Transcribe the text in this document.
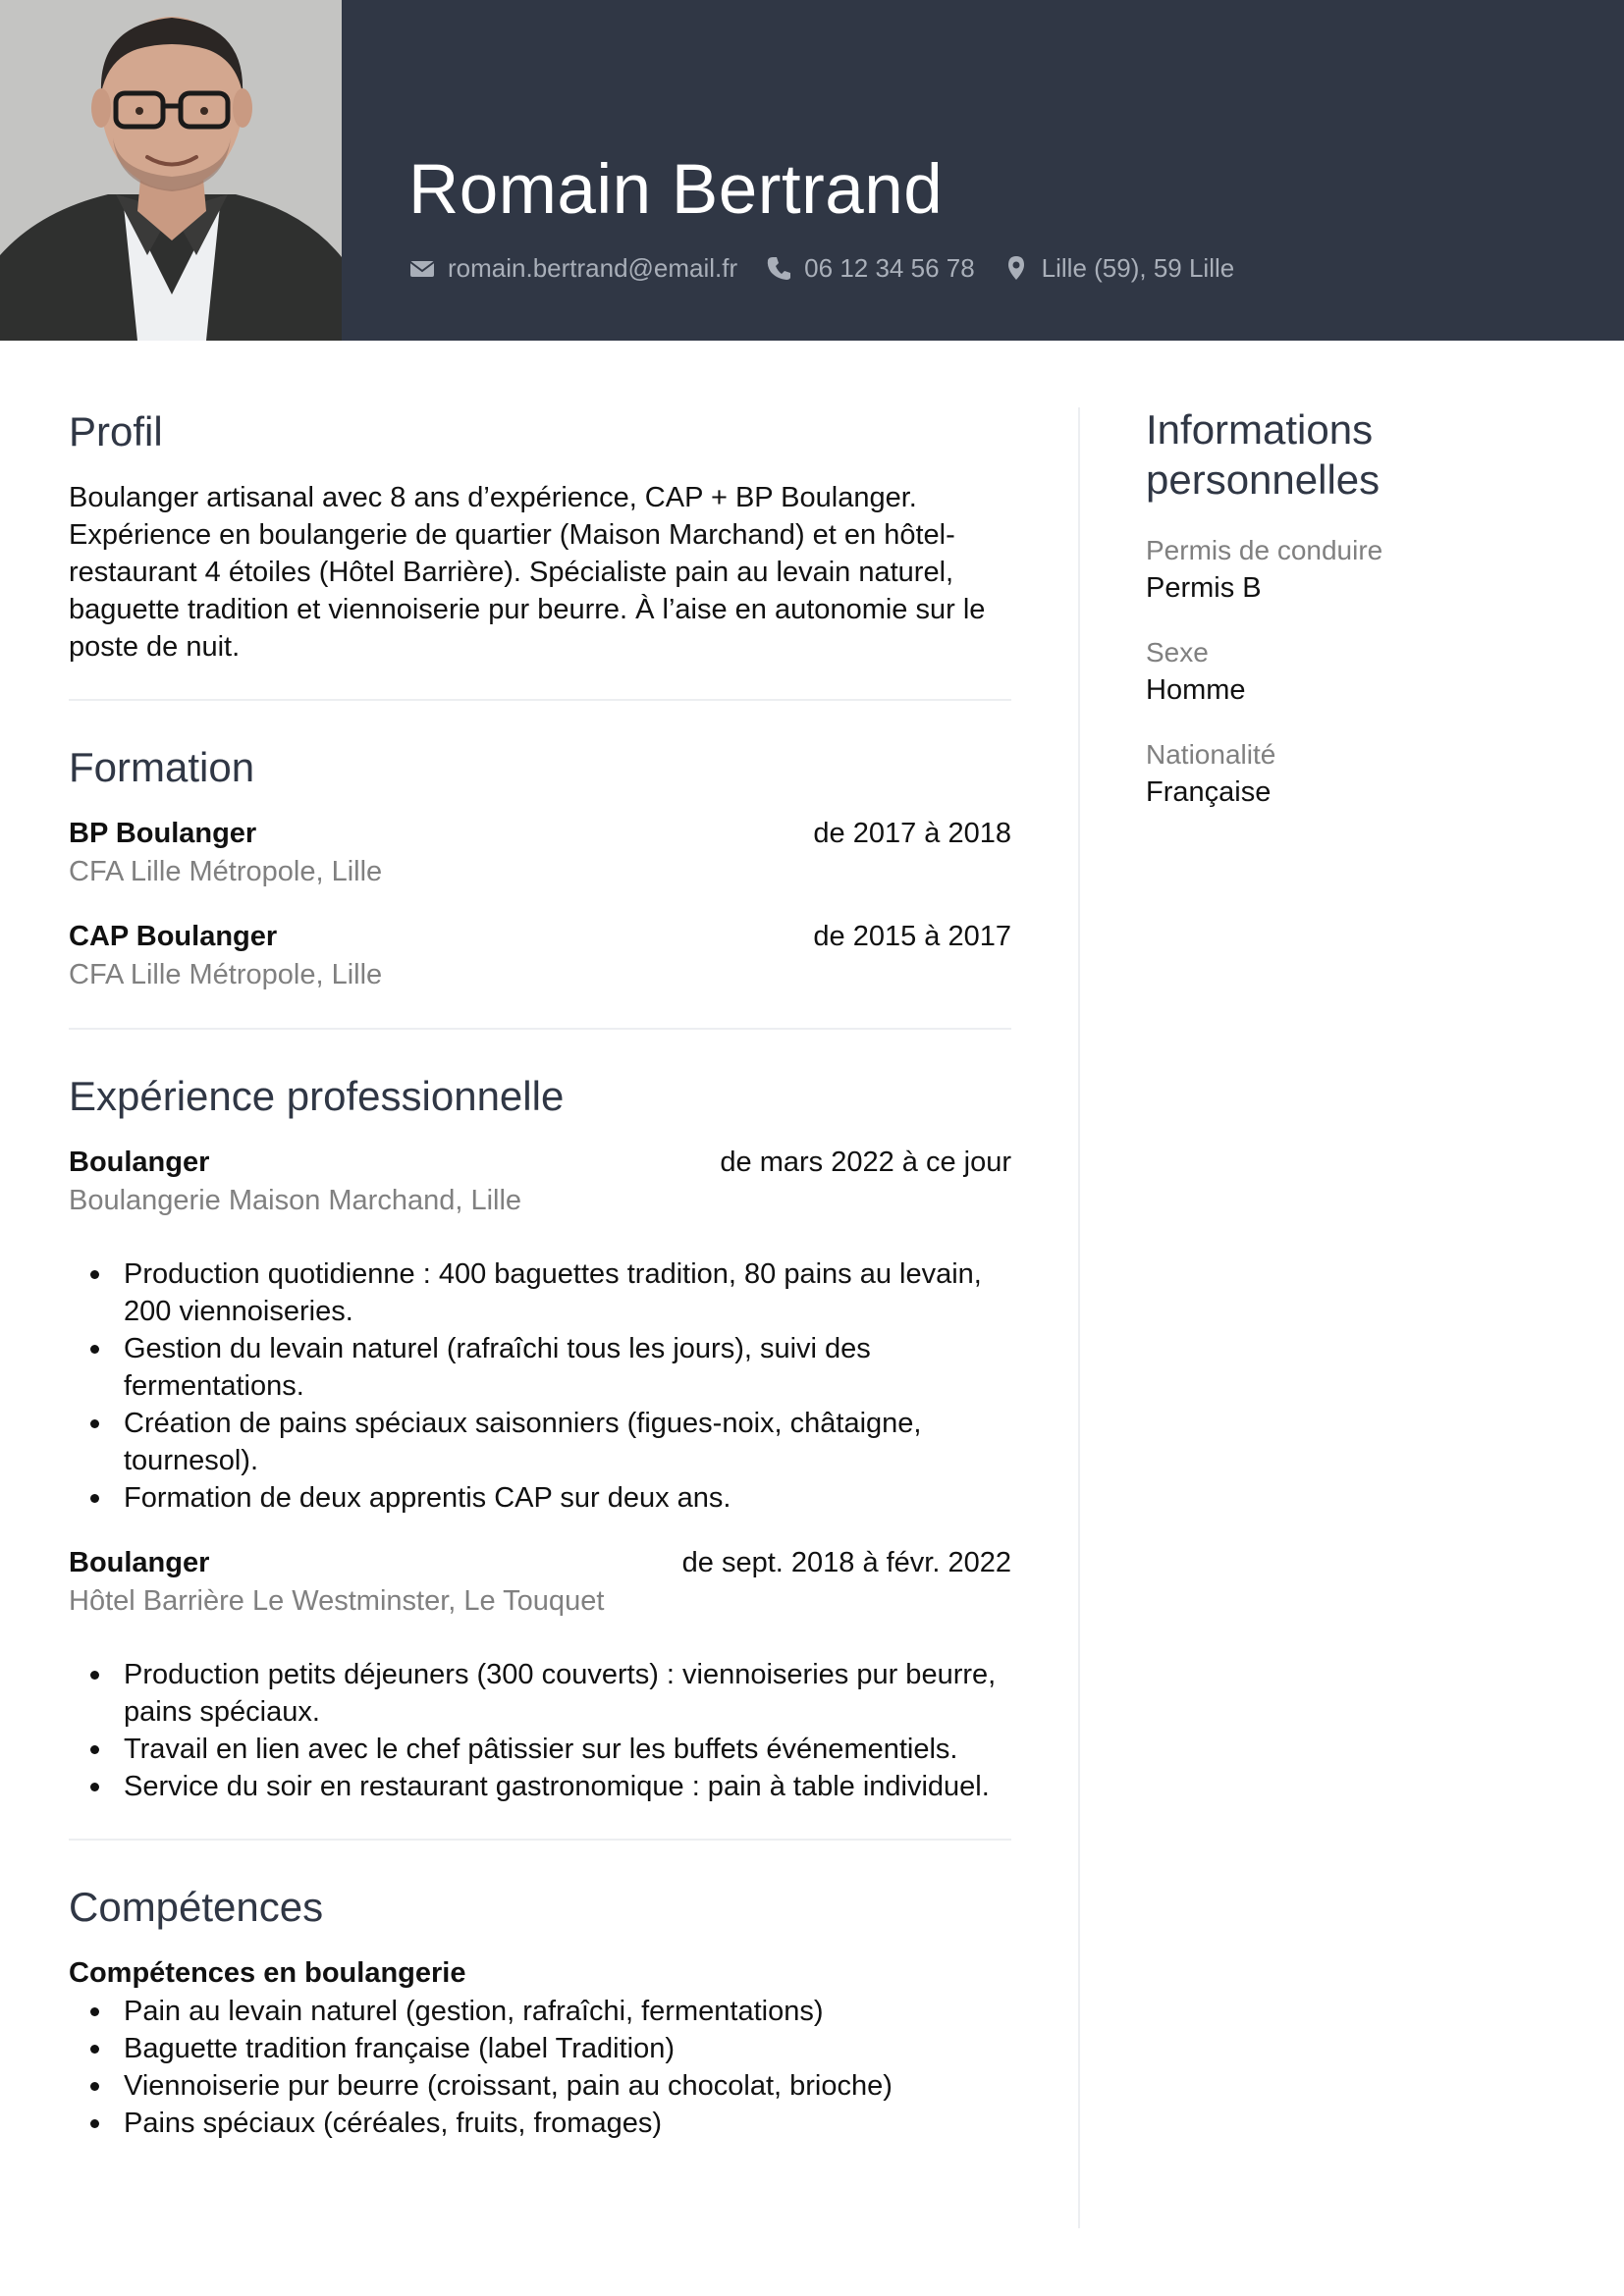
Romain Bertrand
romain.bertrand@email.fr	06 12 34 56 78	Lille (59), 59 Lille
Profil

Boulanger artisanal avec 8 ans d’expérience, CAP + BP Boulanger. Expérience en boulangerie de quartier (Maison Marchand) et en hôtel-restaurant 4 étoiles (Hôtel Barrière). Spécialiste pain au levain naturel, baguette tradition et viennoiserie pur beurre. À l’aise en autonomie sur le poste de nuit.

Formation
BP Boulanger	de 2017 à 2018
CFA Lille Métropole, Lille
CAP Boulanger	de 2015 à 2017
CFA Lille Métropole, Lille
Expérience professionnelle
Boulanger	de mars 2022 à ce jour
Boulangerie Maison Marchand, Lille
Production quotidienne : 400 baguettes tradition, 80 pains au levain, 200 viennoiseries.
Gestion du levain naturel (rafraîchi tous les jours), suivi des fermentations.
Création de pains spéciaux saisonniers (figues-noix, châtaigne, tournesol).
Formation de deux apprentis CAP sur deux ans.
Boulanger	de sept. 2018 à févr. 2022
Hôtel Barrière Le Westminster, Le Touquet
Production petits déjeuners (300 couverts) : viennoiseries pur beurre, pains spéciaux.
Travail en lien avec le chef pâtissier sur les buffets événementiels.
Service du soir en restaurant gastronomique : pain à table individuel.
Compétences
Compétences en boulangerie
Pain au levain naturel (gestion, rafraîchi, fermentations)
Baguette tradition française (label Tradition)
Viennoiserie pur beurre (croissant, pain au chocolat, brioche)
Pains spéciaux (céréales, fruits, fromages)
Informations personnelles
Permis de conduire
Permis B
Sexe
Homme
Nationalité
Française
